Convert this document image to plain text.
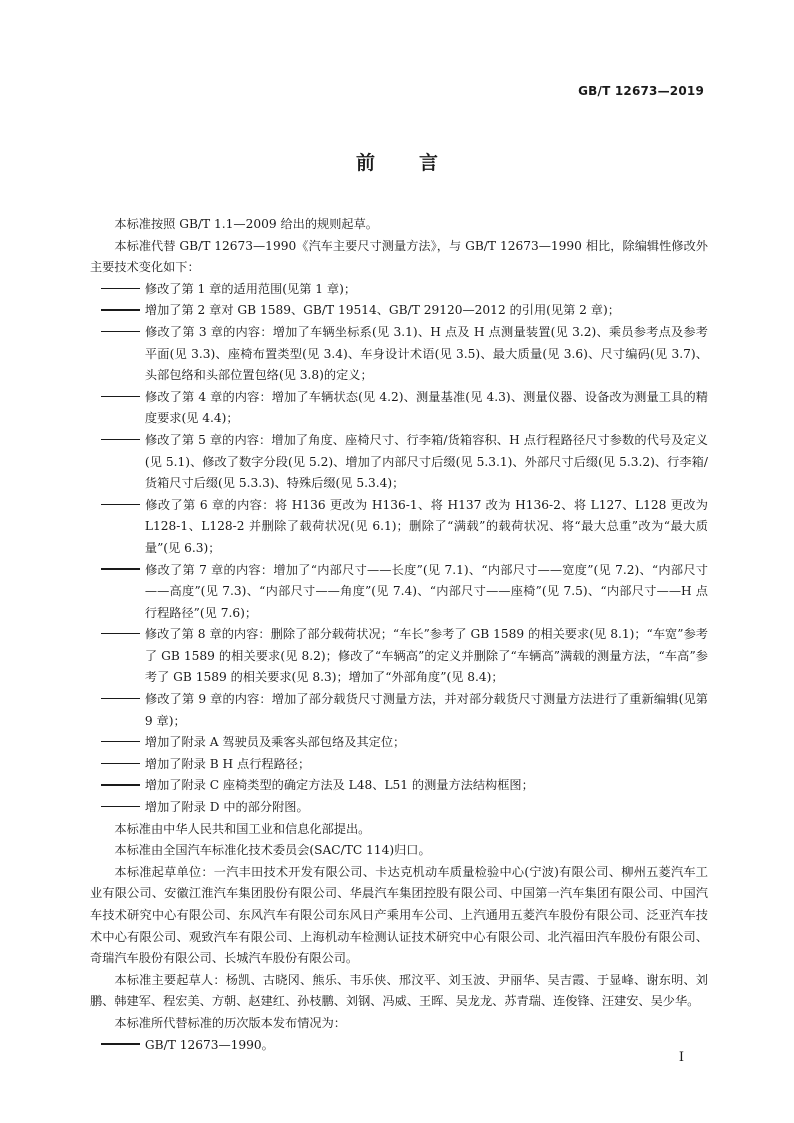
GB/T 12673—2019
前言

本标准按照 GB/T 1.1—2009 给出的规则起草。

本标准代替 GB/T 12673—1990《汽车主要尺寸测量方法》，与 GB/T 12673—1990 相比，除编辑性修改外主要技术变化如下：

修改了第 1 章的适用范围(见第 1 章)；

增加了第 2 章对 GB 1589、GB/T 19514、GB/T 29120—2012 的引用(见第 2 章)；

修改了第 3 章的内容：增加了车辆坐标系(见 3.1)、H 点及 H 点测量装置(见 3.2)、乘员参考点及参考平面(见 3.3)、座椅布置类型(见 3.4)、车身设计术语(见 3.5)、最大质量(见 3.6)、尺寸编码(见 3.7)、头部包络和头部位置包络(见 3.8)的定义；

修改了第 4 章的内容：增加了车辆状态(见 4.2)、测量基准(见 4.3)、测量仪器、设备改为测量工具的精度要求(见 4.4)；

修改了第 5 章的内容：增加了角度、座椅尺寸、行李箱/货箱容积、H 点行程路径尺寸参数的代号及定义(见 5.1)、修改了数字分段(见 5.2)、增加了内部尺寸后缀(见 5.3.1)、外部尺寸后缀(见 5.3.2)、行李箱/货箱尺寸后缀(见 5.3.3)、特殊后缀(见 5.3.4)；

修改了第 6 章的内容：将 H136 更改为 H136-1、将 H137 改为 H136-2、将 L127、L128 更改为 L128-1、L128-2 并删除了载荷状况(见 6.1)；删除了“满载”的载荷状况、将“最大总重”改为“最大质量”(见 6.3)；

修改了第 7 章的内容：增加了“内部尺寸——长度”(见 7.1)、“内部尺寸——宽度”(见 7.2)、“内部尺寸——高度”(见 7.3)、“内部尺寸——角度”(见 7.4)、“内部尺寸——座椅”(见 7.5)、“内部尺寸——H 点行程路径”(见 7.6)；

修改了第 8 章的内容：删除了部分载荷状况；“车长”参考了 GB 1589 的相关要求(见 8.1)；“车宽”参考了 GB 1589 的相关要求(见 8.2)；修改了“车辆高”的定义并删除了“车辆高”满载的测量方法，“车高”参考了 GB 1589 的相关要求(见 8.3)；增加了“外部角度”(见 8.4)；

修改了第 9 章的内容：增加了部分载货尺寸测量方法，并对部分载货尺寸测量方法进行了重新编辑(见第 9 章)；

增加了附录 A 驾驶员及乘客头部包络及其定位；

增加了附录 B H 点行程路径；

增加了附录 C 座椅类型的确定方法及 L48、L51 的测量方法结构框图；

增加了附录 D 中的部分附图。

本标准由中华人民共和国工业和信息化部提出。

本标准由全国汽车标准化技术委员会(SAC/TC 114)归口。

本标准起草单位：一汽丰田技术开发有限公司、卡达克机动车质量检验中心(宁波)有限公司、柳州五菱汽车工业有限公司、安徽江淮汽车集团股份有限公司、华晨汽车集团控股有限公司、中国第一汽车集团有限公司、中国汽车技术研究中心有限公司、东风汽车有限公司东风日产乘用车公司、上汽通用五菱汽车股份有限公司、泛亚汽车技术中心有限公司、观致汽车有限公司、上海机动车检测认证技术研究中心有限公司、北汽福田汽车股份有限公司、奇瑞汽车股份有限公司、长城汽车股份有限公司。

本标准主要起草人：杨凯、古晓冈、熊乐、韦乐侠、邢汶平、刘玉波、尹丽华、吴吉霞、于显峰、谢东明、刘鹏、韩建军、程宏美、方朝、赵建红、孙枝鹏、刘钢、冯威、王晖、吴龙龙、苏青瑞、连俊锋、汪建安、吴少华。

本标准所代替标准的历次版本发布情况为：

GB/T 12673—1990。

I
